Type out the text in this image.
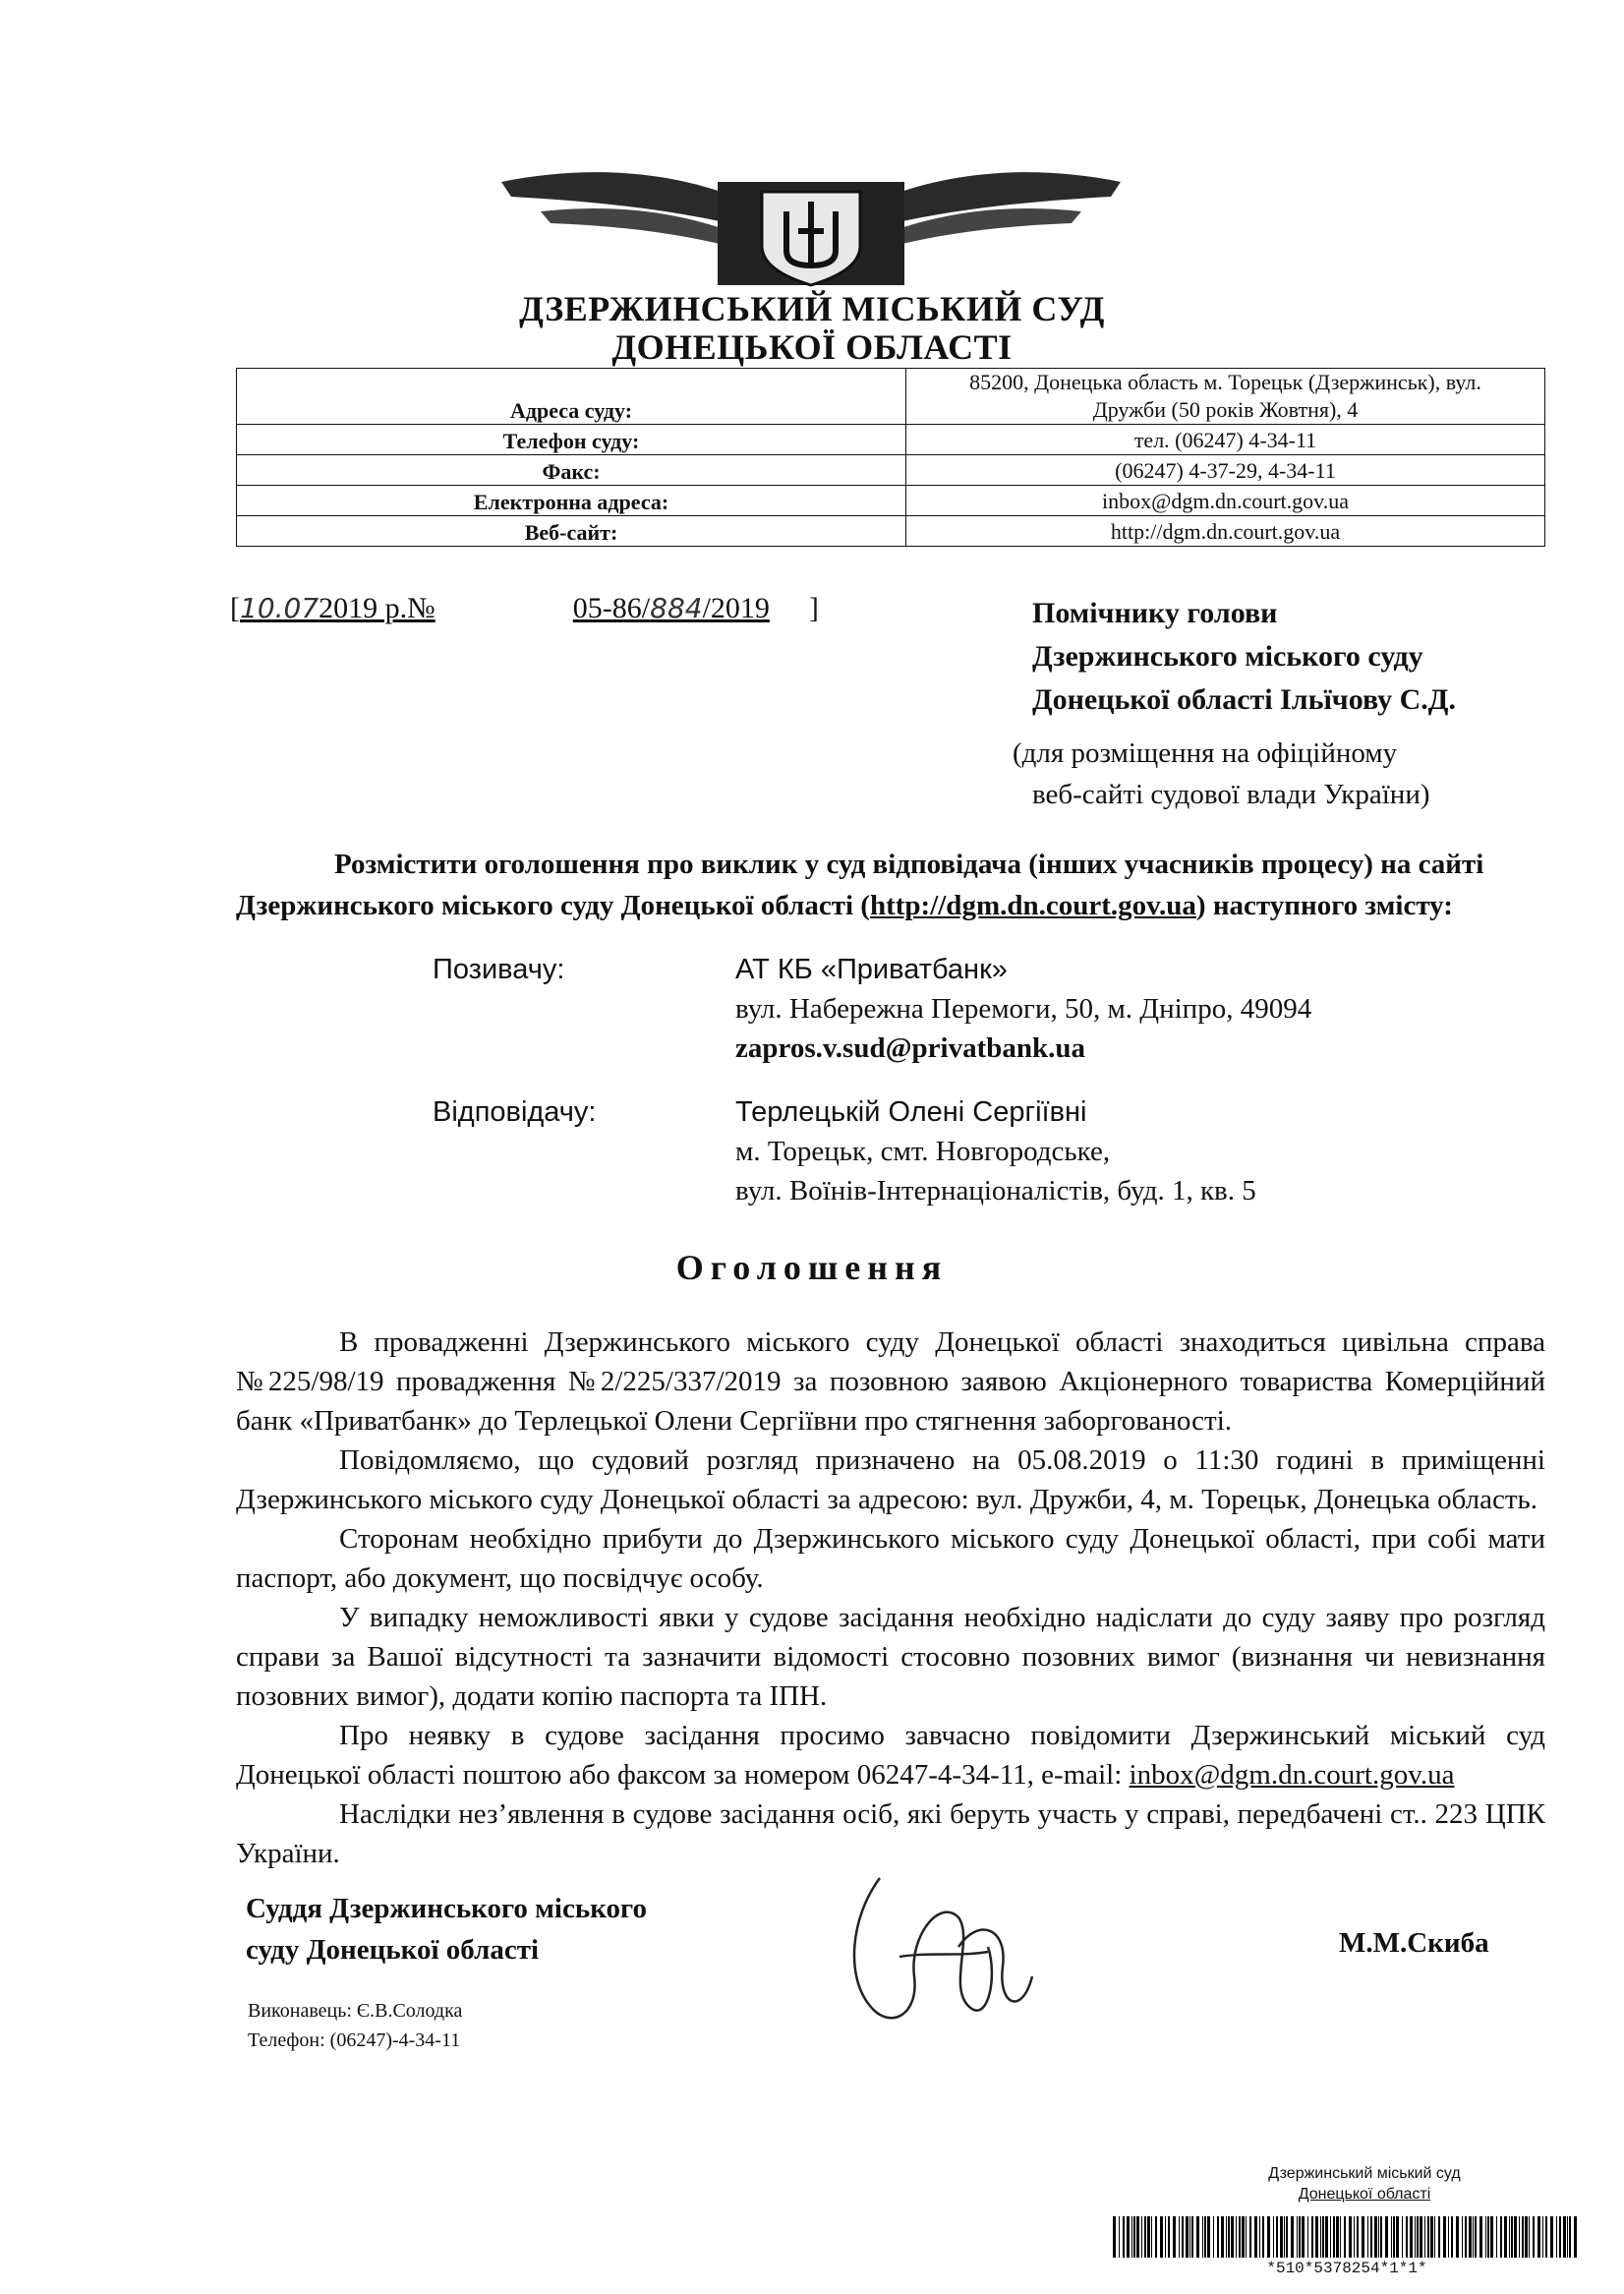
ДЗЕРЖИНСЬКИЙ МІСЬКИЙ СУД
ДОНЕЦЬКОЇ ОБЛАСТІ
Адреса суду:	85200, Донецька область м. Торецьк (Дзержинськ), вул.
Дружби (50 років Жовтня), 4

Телефон суду:	тел. (06247) 4-34-11
Факс:	(06247) 4-37-29, 4-34-11
Електронна адреса:	inbox@dgm.dn.court.gov.ua
Веб-сайт:	http://dgm.dn.court.gov.ua
[10.072019 р.№	05-86/884/2019 ]	Помічнику голови
Дзержинського міського суду
Донецької області Ільїчову С.Д.
(для розміщення на офіційному
веб-сайті судової влади України)
Розмістити оголошення про виклик у суд відповідача (інших учасників процесу) на сайті
Дзержинського міського суду Донецької області (http://dgm.dn.court.gov.ua) наступного змісту:
Позивачу:	АТ КБ «Приватбанк»
вул. Набережна Перемоги, 50, м. Дніпро, 49094
zapros.v.sud@privatbank.ua
Відповідачу:	Терлецькій Олені Сергіївні
м. Торецьк, смт. Новгородське,
вул. Воїнів-Інтернаціоналістів, буд. 1, кв. 5
Оголошення

В провадженні Дзержинського міського суду Донецької області знаходиться цивільна справа №225/98/19 провадження №2/225/337/2019 за позовною заявою Акціонерного товариства Комерційний банк «Приватбанк» до Терлецької Олени Сергіївни про стягнення заборгованості.

Повідомляємо, що судовий розгляд призначено на 05.08.2019 о 11:30 годині в приміщенні Дзержинського міського суду Донецької області за адресою: вул. Дружби, 4, м. Торецьк, Донецька область.

Сторонам необхідно прибути до Дзержинського міського суду Донецької області, при собі мати паспорт, або документ, що посвідчує особу.

У випадку неможливості явки у судове засідання необхідно надіслати до суду заяву про розгляд справи за Вашої відсутності та зазначити відомості стосовно позовних вимог (визнання чи невизнання позовних вимог), додати копію паспорта та ІПН.

Про неявку в судове засідання просимо завчасно повідомити Дзержинський міський суд Донецької області поштою або факсом за номером 06247-4-34-11, e-mail: inbox@dgm.dn.court.gov.ua

Наслідки нез’явлення в судове засідання осіб, які беруть участь у справі, передбачені ст.. 223 ЦПК України.

Суддя Дзержинського міського
суду Донецької області	М.М.Скиба
Виконавець: Є.В.Солодка
Телефон: (06247)-4-34-11
Дзержинський міський суд
Донецької області
*510*5378254*1*1*
